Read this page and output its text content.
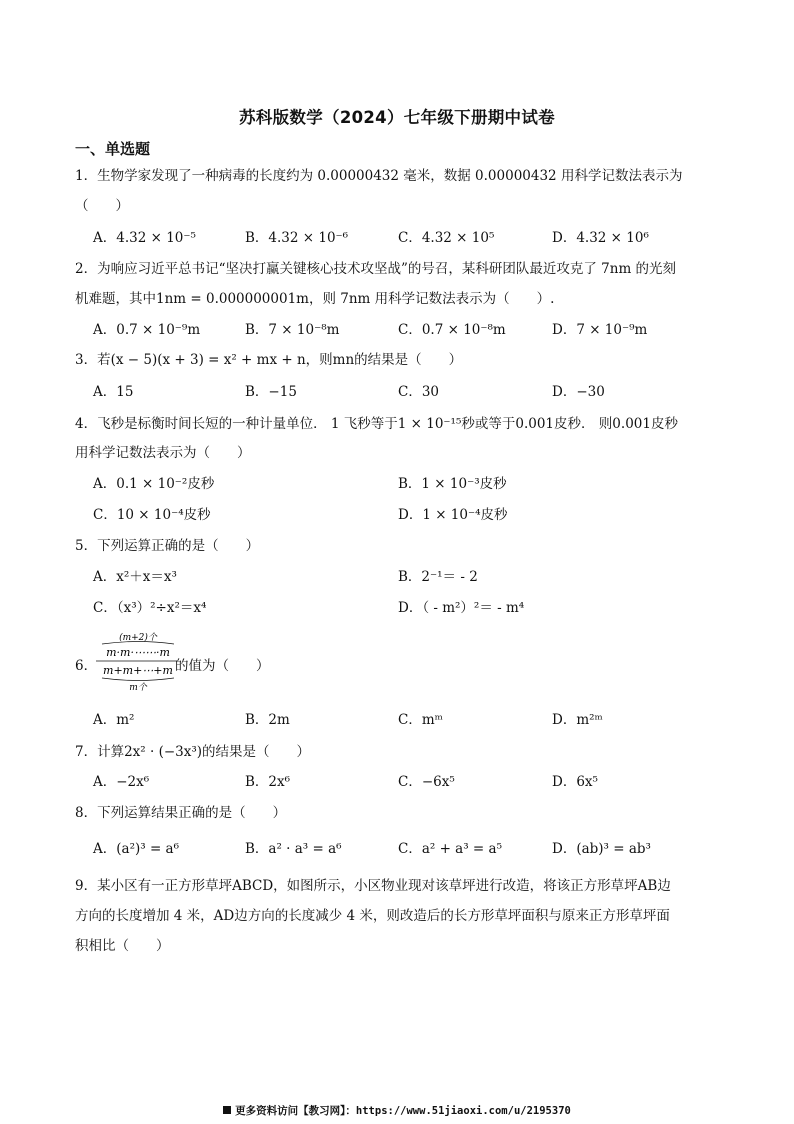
苏科版数学（2024）七年级下册期中试卷
一、单选题
1．生物学家发现了一种病毒的长度约为 0.00000432 毫米，数据 0.00000432 用科学记数法表示为
（　　）
A．4.32 × 10⁻⁵	B．4.32 × 10⁻⁶	C．4.32 × 10⁵	D．4.32 × 10⁶
2．为响应习近平总书记“坚决打赢关键核心技术攻坚战”的号召，某科研团队最近攻克了 7nm 的光刻
机难题，其中1nm = 0.000000001m，则 7nm 用科学记数法表示为（　　）.
A．0.7 × 10⁻⁹m	B．7 × 10⁻⁸m	C．0.7 × 10⁻⁸m	D．7 × 10⁻⁹m
3．若(x − 5)(x + 3) = x² + mx + n，则mn的结果是（　　）
A．15	B．−15	C．30	D．−30
4．飞秒是标衡时间长短的一种计量单位． 1 飞秒等于1 × 10⁻¹⁵秒或等于0.001皮秒． 则0.001皮秒
用科学记数法表示为（　　）
A．0.1 × 10⁻²皮秒	B．1 × 10⁻³皮秒
C．10 × 10⁻⁴皮秒	D．1 × 10⁻⁴皮秒
5．下列运算正确的是（　　）
A．x²＋x＝x³	B．2⁻¹＝ - 2
C．（x³）²÷x²＝x⁴	D．（ - m²）²＝ - m⁴
6．
(m+2)个
m·m·⋯⋯·m
m+m+⋯+m
m个
的值为（　　）
A．m²	B．2m	C．mᵐ	D．m²ᵐ
7．计算2x² · (−3x³)的结果是（　　）
A．−2x⁶	B．2x⁶	C．−6x⁵	D．6x⁵
8．下列运算结果正确的是（　　）
A．(a²)³ = a⁶	B．a² · a³ = a⁶	C．a² + a³ = a⁵	D．(ab)³ = ab³
9．某小区有一正方形草坪ABCD，如图所示，小区物业现对该草坪进行改造，将该正方形草坪AB边
方向的长度增加 4 米，AD边方向的长度减少 4 米，则改造后的长方形草坪面积与原来正方形草坪面
积相比（　　）
更多资料访问【教习网】：https://www.51jiaoxi.com/u/2195370
